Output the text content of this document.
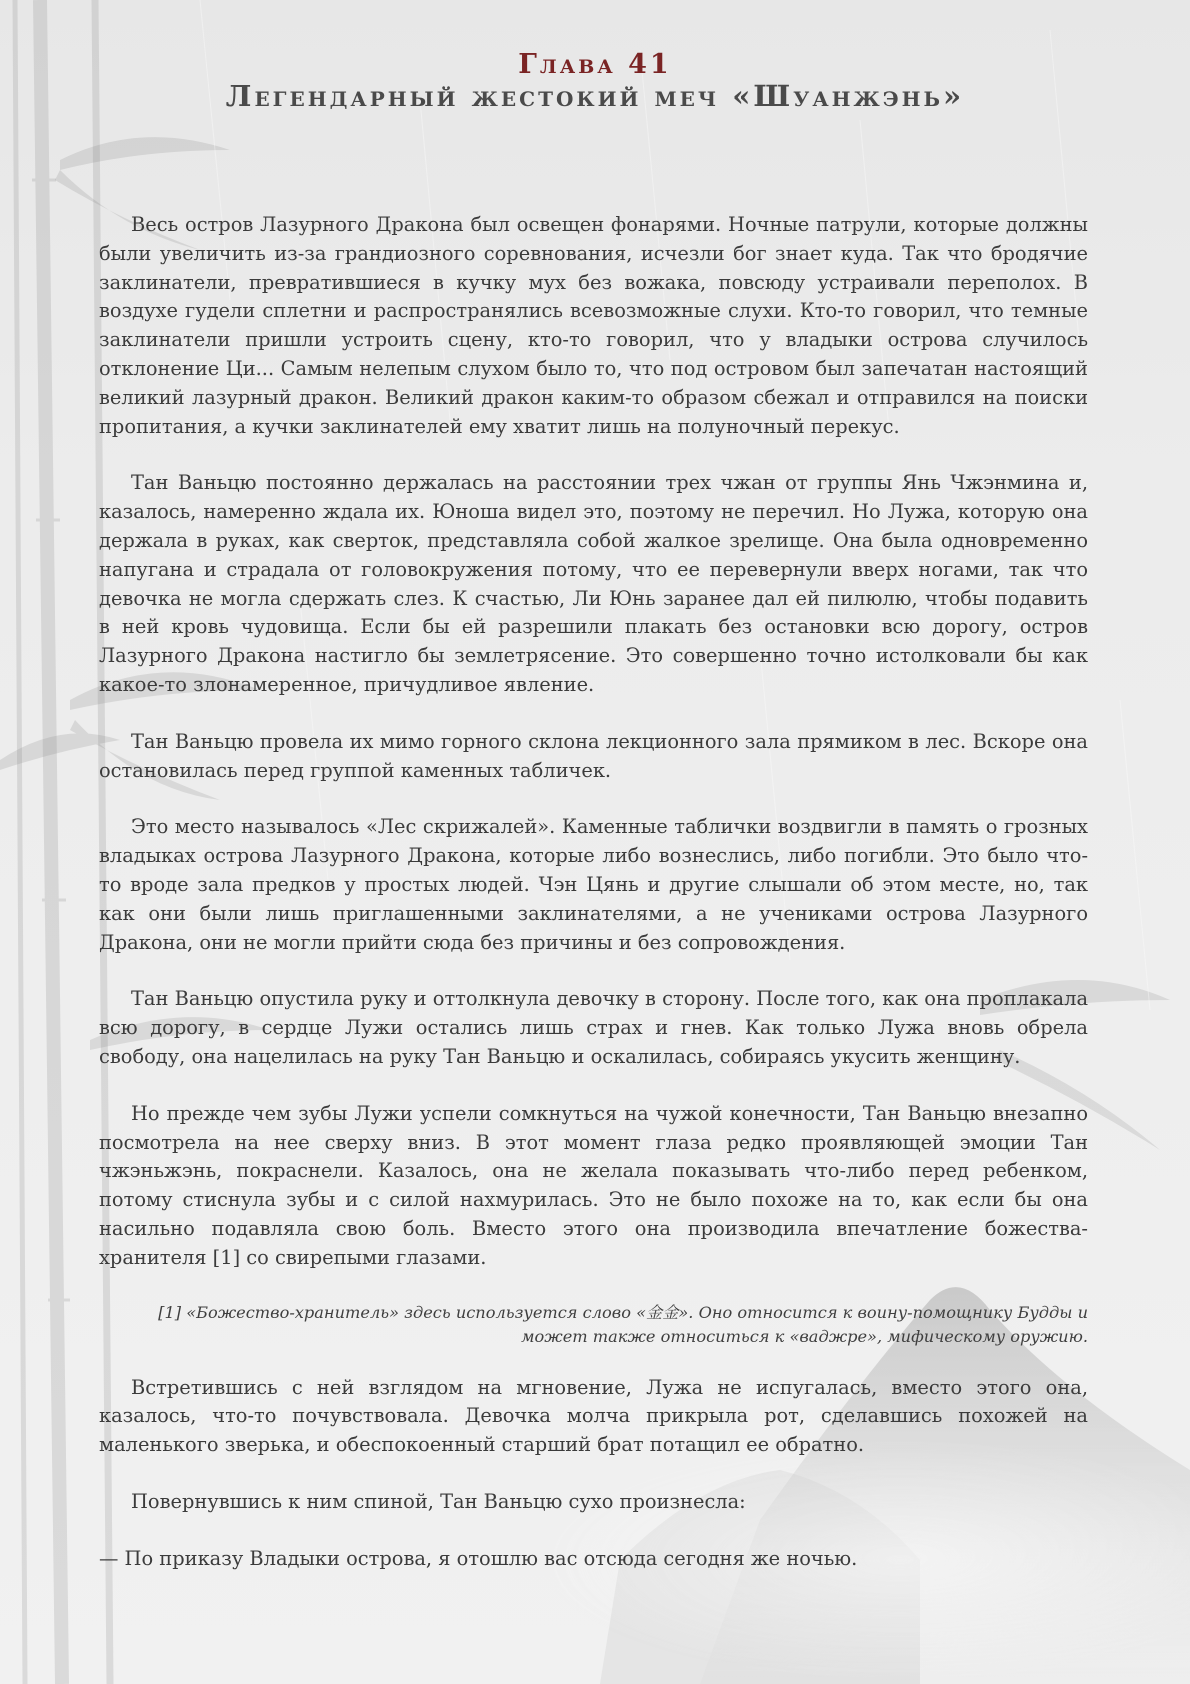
Глава 41
Легендарный жестокий меч «Шуанжэнь»

Весь остров Лазурного Дракона был освещен фонарями. Ночные патрули, которые должны были увеличить из-за грандиозного соревнования, исчезли бог знает куда. Так что бродячие заклинатели, превратившиеся в кучку мух без вожака, повсюду устраивали переполох. В воздухе гудели сплетни и распространялись всевозможные слухи. Кто-то говорил, что темные заклинатели пришли устроить сцену, кто-то говорил, что у владыки острова случилось отклонение Ци... Самым нелепым слухом было то, что под островом был запечатан настоящий великий лазурный дракон. Великий дракон каким-то образом сбежал и отправился на поиски пропитания, а кучки заклинателей ему хватит лишь на полуночный перекус.

Тан Ваньцю постоянно держалась на расстоянии трех чжан от группы Янь Чжэнмина и, казалось, намеренно ждала их. Юноша видел это, поэтому не перечил. Но Лужа, которую она держала в руках, как сверток, представляла собой жалкое зрелище. Она была одновременно напугана и страдала от головокружения потому, что ее перевернули вверх ногами, так что девочка не могла сдержать слез. К счастью, Ли Юнь заранее дал ей пилюлю, чтобы подавить в ней кровь чудовища. Если бы ей разрешили плакать без остановки всю дорогу, остров Лазурного Дракона настигло бы землетрясение. Это совершенно точно истолковали бы как какое-то злонамеренное, причудливое явление.

Тан Ваньцю провела их мимо горного склона лекционного зала прямиком в лес. Вскоре она остановилась перед группой каменных табличек.

Это место называлось «Лес скрижалей». Каменные таблички воздвигли в память о грозных владыках острова Лазурного Дракона, которые либо вознеслись, либо погибли. Это было что-то вроде зала предков у простых людей. Чэн Цянь и другие слышали об этом месте, но, так как они были лишь приглашенными заклинателями, а не учениками острова Лазурного Дракона, они не могли прийти сюда без причины и без сопровождения.

Тан Ваньцю опустила руку и оттолкнула девочку в сторону. После того, как она проплакала всю дорогу, в сердце Лужи остались лишь страх и гнев. Как только Лужа вновь обрела свободу, она нацелилась на руку Тан Ваньцю и оскалилась, собираясь укусить женщину.

Но прежде чем зубы Лужи успели сомкнуться на чужой конечности, Тан Ваньцю внезапно посмотрела на нее сверху вниз. В этот момент глаза редко проявляющей эмоции Тан чжэньжэнь, покраснели. Казалось, она не желала показывать что-либо перед ребенком, потому стиснула зубы и с силой нахмурилась. Это не было похоже на то, как если бы она насильно подавляла свою боль. Вместо этого она производила впечатление божества-хранителя [1] со свирепыми глазами.

[1] «Божество-хранитель» здесь используется слово «金金». Оно относится к воину-помощнику Будды и может также относиться к «ваджре», мифическому оружию.

Встретившись с ней взглядом на мгновение, Лужа не испугалась, вместо этого она, казалось, что-то почувствовала. Девочка молча прикрыла рот, сделавшись похожей на маленького зверька, и обеспокоенный старший брат потащил ее обратно.

Повернувшись к ним спиной, Тан Ваньцю сухо произнесла:

— По приказу Владыки острова, я отошлю вас отсюда сегодня же ночью.
